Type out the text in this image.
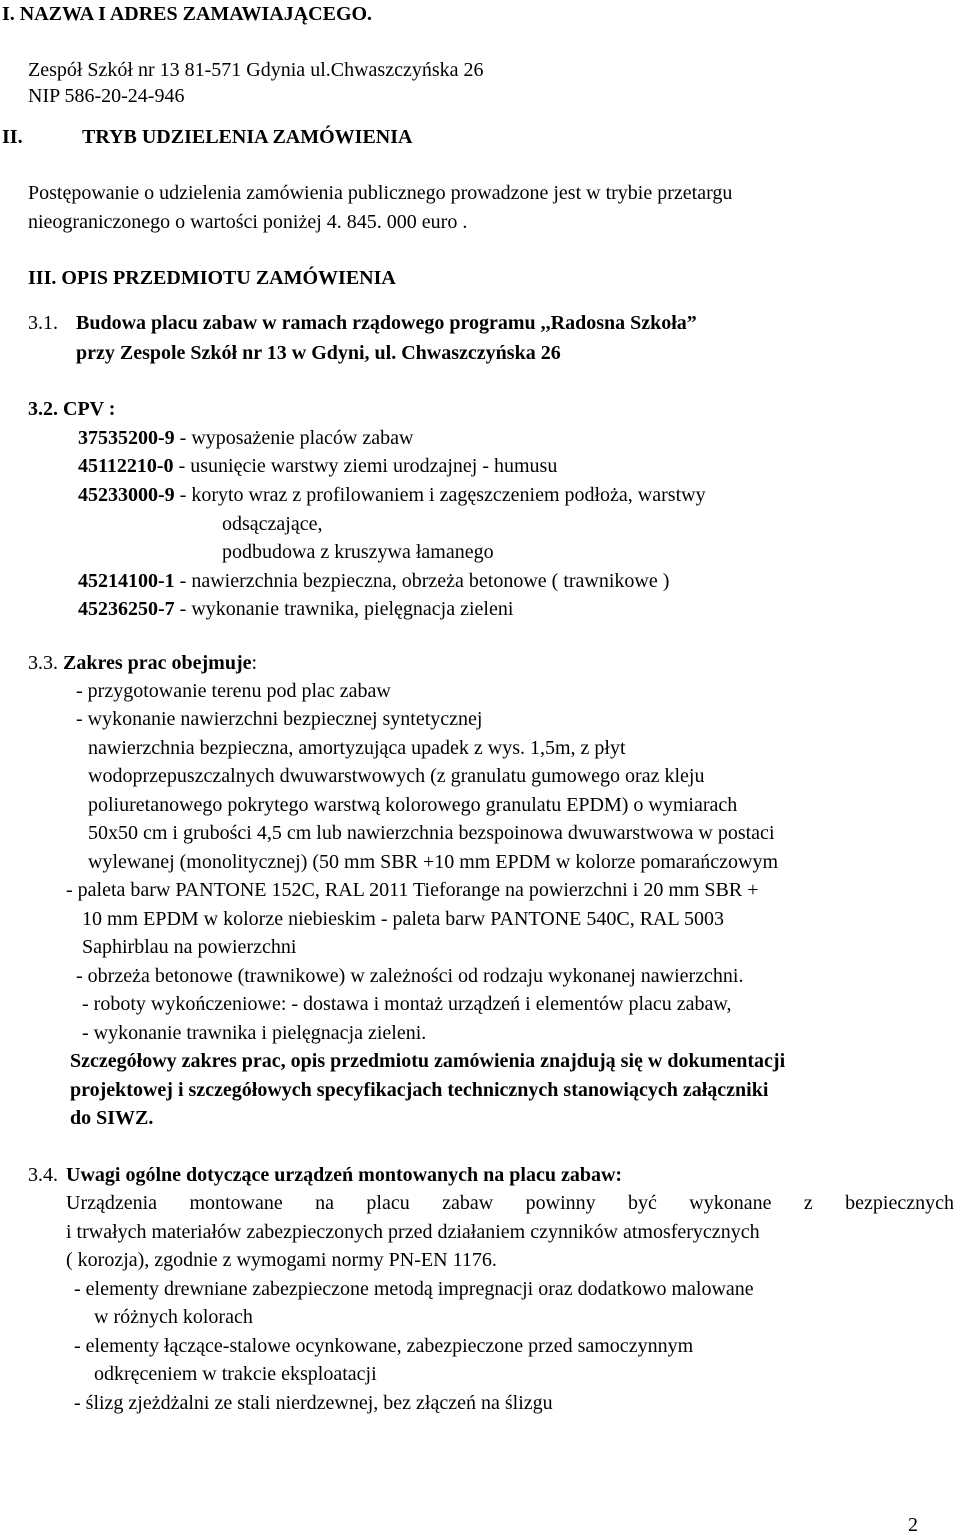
I. NAZWA I ADRES ZAMAWIAJĄCEGO.
Zespół Szkół nr 13 81-571 Gdynia ul.Chwaszczyńska 26
NIP 586-20-24-946
II.	TRYB UDZIELENIA ZAMÓWIENIA
Postępowanie o udzielenia zamówienia publicznego prowadzone jest w trybie przetargu
nieograniczonego o wartości poniżej 4. 845. 000 euro .
III. OPIS PRZEDMIOTU ZAMÓWIENIA
3.1. Budowa placu zabaw w ramach rządowego programu ,,Radosna Szkoła”
przy Zespole Szkół nr 13 w Gdyni, ul. Chwaszczyńska 26
3.2. CPV :
37535200-9 - wyposażenie placów zabaw
45112210-0 - usunięcie warstwy ziemi urodzajnej - humusu
45233000-9 - koryto wraz z profilowaniem i zagęszczeniem podłoża, warstwy
odsączające,
podbudowa z kruszywa łamanego
45214100-1 - nawierzchnia bezpieczna, obrzeża betonowe ( trawnikowe )
45236250-7 - wykonanie trawnika, pielęgnacja zieleni
3.3. Zakres prac obejmuje:
- przygotowanie terenu pod plac zabaw
- wykonanie nawierzchni bezpiecznej syntetycznej
nawierzchnia bezpieczna, amortyzująca upadek z wys. 1,5m, z płyt
wodoprzepuszczalnych dwuwarstwowych (z granulatu gumowego oraz kleju
poliuretanowego pokrytego warstwą kolorowego granulatu EPDM) o wymiarach
50x50 cm i grubości 4,5 cm lub nawierzchnia bezspoinowa dwuwarstwowa w postaci
wylewanej (monolitycznej) (50 mm SBR +10 mm EPDM w kolorze pomarańczowym
- paleta barw PANTONE 152C, RAL 2011 Tieforange na powierzchni i 20 mm SBR +
10 mm EPDM w kolorze niebieskim - paleta barw PANTONE 540C, RAL 5003
Saphirblau na powierzchni
- obrzeża betonowe (trawnikowe) w zależności od rodzaju wykonanej nawierzchni.
- roboty wykończeniowe: - dostawa i montaż urządzeń i elementów placu zabaw,
- wykonanie trawnika i pielęgnacja zieleni.
Szczegółowy zakres prac, opis przedmiotu zamówienia znajdują się w dokumentacji
projektowej i szczegółowych specyfikacjach technicznych stanowiących załączniki
do SIWZ.
3.4. Uwagi ogólne dotyczące urządzeń montowanych na placu zabaw:
Urządzenia montowane na placu zabaw powinny być wykonane z bezpiecznych
i trwałych materiałów zabezpieczonych przed działaniem czynników atmosferycznych
( korozja), zgodnie z wymogami normy PN-EN 1176.
- elementy drewniane zabezpieczone metodą impregnacji oraz dodatkowo malowane
w różnych kolorach
- elementy łączące-stalowe ocynkowane, zabezpieczone przed samoczynnym
odkręceniem w trakcie eksploatacji
- ślizg zjeżdżalni ze stali nierdzewnej, bez złączeń na ślizgu
2
